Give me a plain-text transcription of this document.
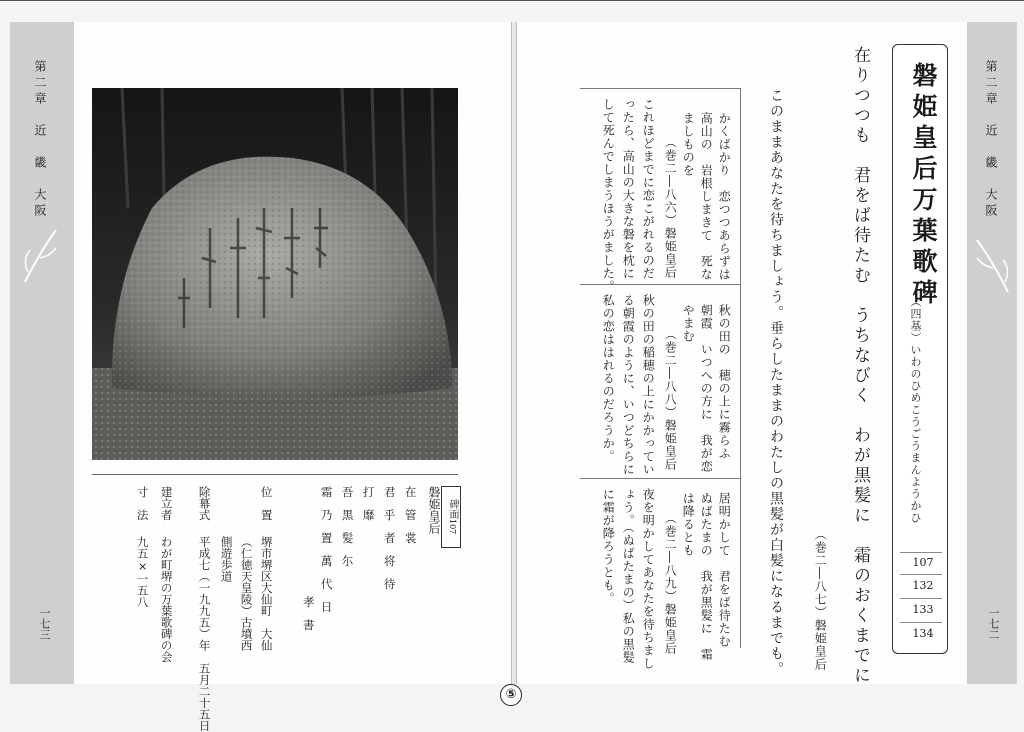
第二章　近　畿　大阪
一七三
第二章　近　畿　大阪
一七二
碑面107
磐姫皇后
在　管　裳
君　乎　者　将　待
打　靡
吾　黒　髪　尓
霜　乃　置　萬　代　日
孝　書
位　置
堺市堺区大仙町　大仙
（仁徳天皇陵）古墳西
側遊歩道
除幕式
平成七（一九九五）年　五月二十五日
建立者
わが町堺の万葉歌碑の会
寸　法
九五×一五八
磐姫皇后万葉歌碑
（四基）いわのひめこうごうまんようかひ
107
132
133
134
在りつつも　君をば待たむ　うちなびく　わが黒髪に　霜のおくまでに
（巻二―八七）磐姫皇后
このままあなたを待ちましょう。垂らしたままのわたしの黒髪が白髪になるまでも。
かくばかり　恋つつあらずは
高山の　岩根しまきて　死な
ましものを
（巻二―八六）磐姫皇后
これほどまでに恋こがれるのだ
ったら、高山の大きな磐を枕に
して死んでしまうほうがました。
秋の田の　穂の上に霧らふ
朝霞　いつへの方に　我が恋
やまむ
（巻二―八八）磐姫皇后
秋の田の稲穂の上にかかってい
る朝霞のように、いつどちらに
私の恋ははれるのだろうか。
居明かして　君をば待たむ
ぬばたまの　我が黒髪に　霜
は降るとも
（巻二―八九）磐姫皇后
夜を明かしてあなたを待ちまし
ょう。（ぬばたまの）私の黒髪
に霜が降ろうとも。
⑤
